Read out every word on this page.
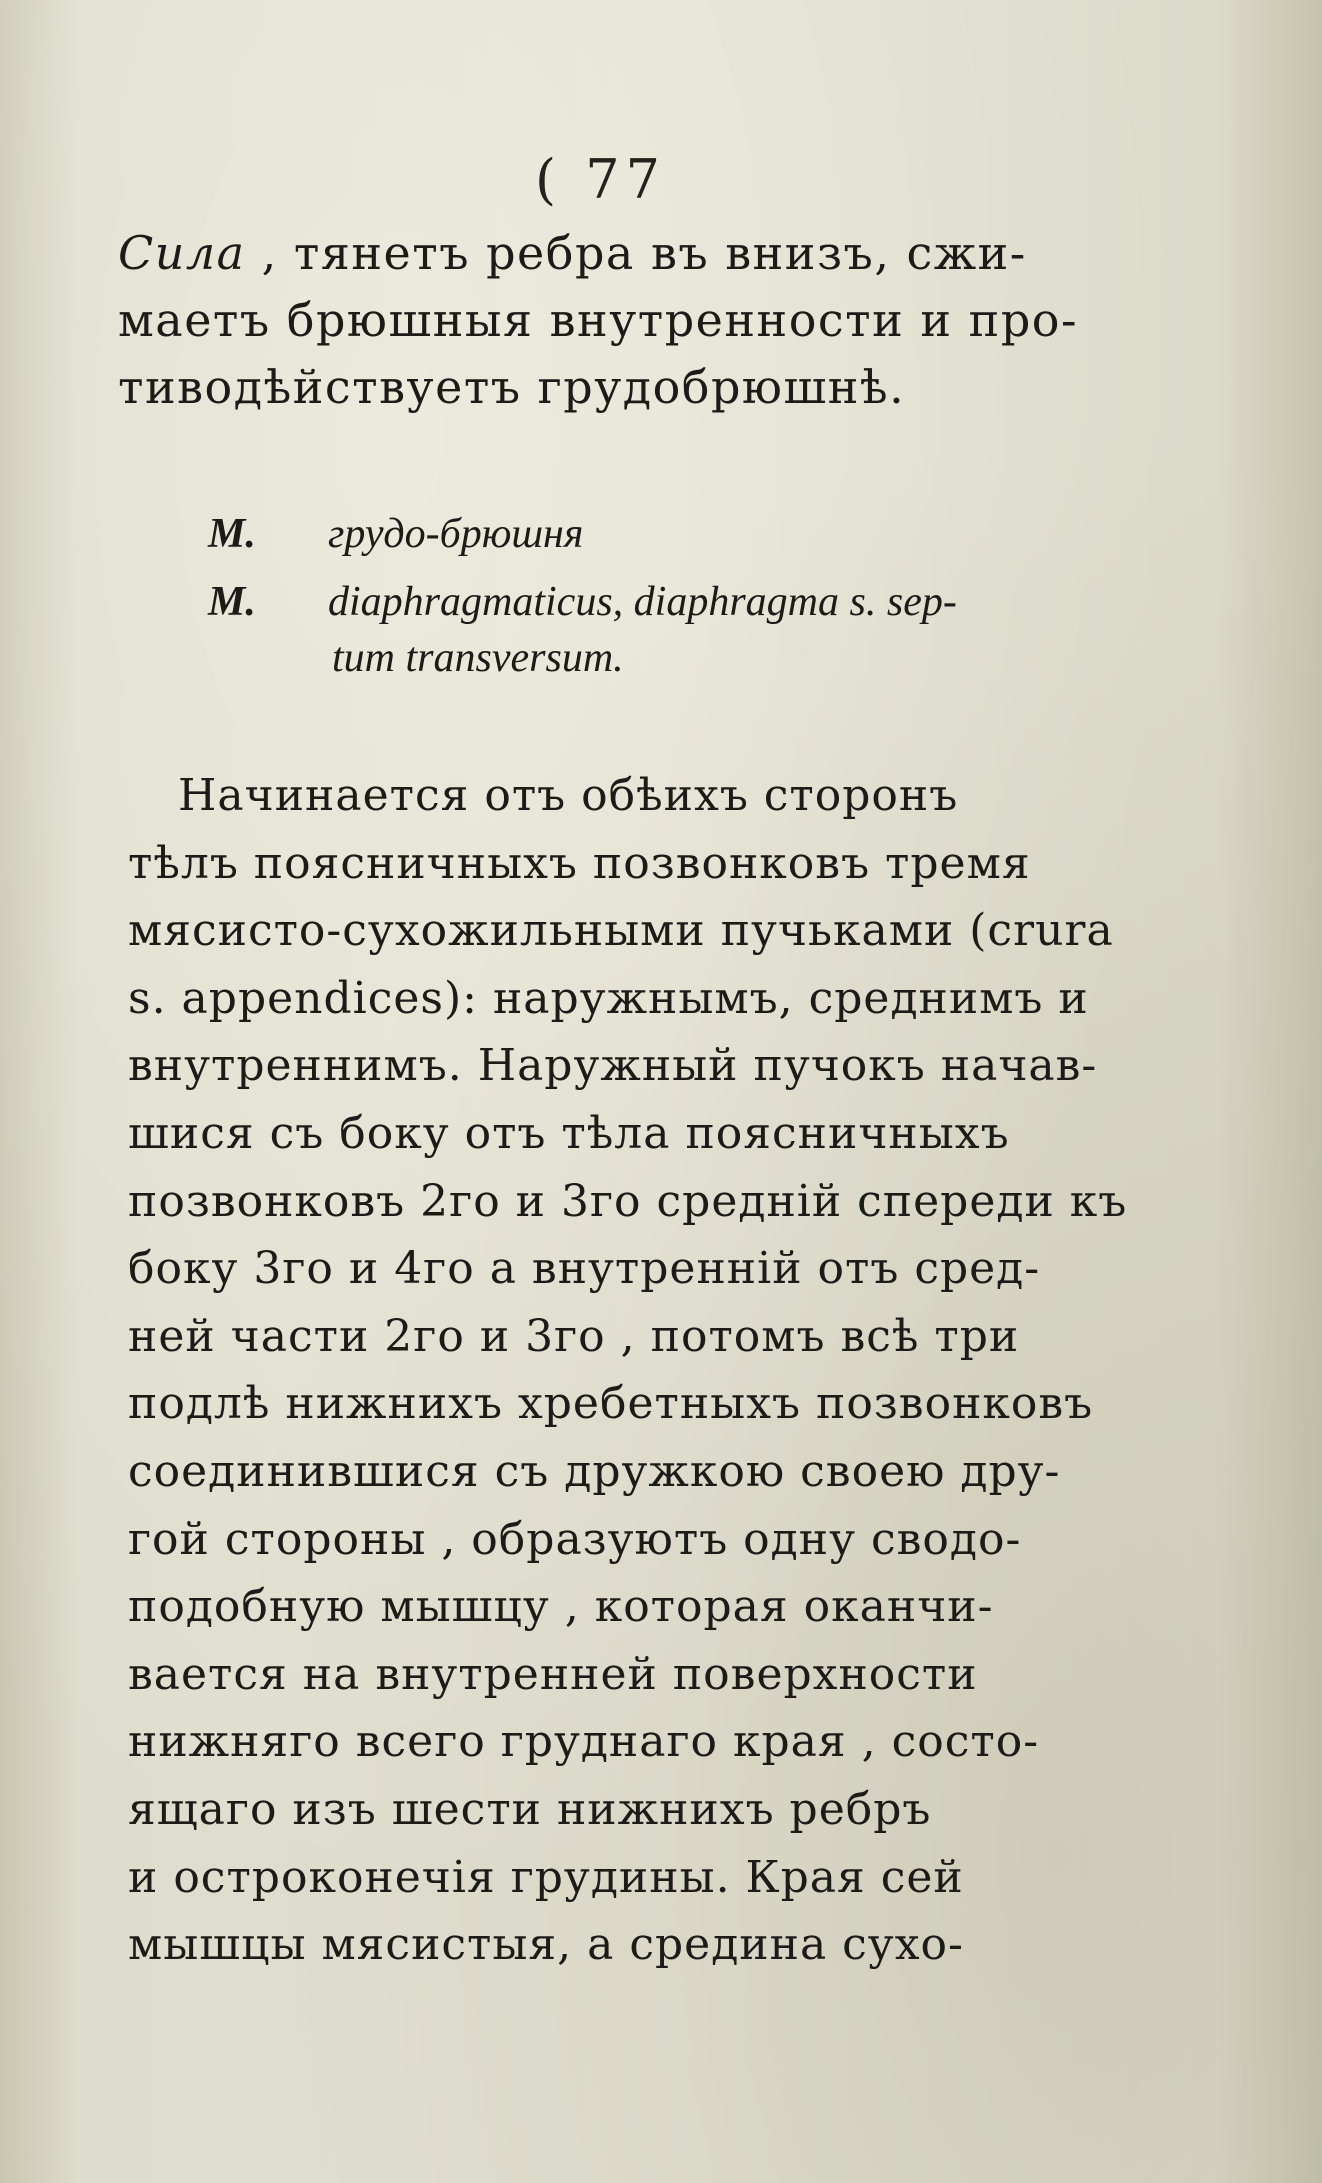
( 77
Сила , тянетъ ребра въ внизъ, сжи-
маетъ брюшныя внутренности и про-
тиводѣйствуетъ грудобрюшнѣ.
M. грудо-брюшня
M. diaphragmaticus, diaphragma s. sep-
tum transversum.
Начинается отъ обѣихъ сторонъ
тѣлъ поясничныхъ позвонковъ тремя
мясисто-сухожильными пучьками (crura
s. appendices): наружнымъ, среднимъ и
внутреннимъ. Наружный пучокъ начав-
шися съ боку отъ тѣла поясничныхъ
позвонковъ 2го и 3го средній спереди къ
боку 3го и 4го а внутренній отъ сред-
ней части 2го и 3го , потомъ всѣ три
подлѣ нижнихъ хребетныхъ позвонковъ
соединившися съ дружкою своею дру-
гой стороны , образуютъ одну сводо-
подобную мышцу , которая оканчи-
вается на внутренней поверхности
нижняго всего груднаго края , состо-
ящаго изъ шести нижнихъ ребръ
и остроконечія грудины. Края сей
мышцы мясистыя, а средина сухо-
